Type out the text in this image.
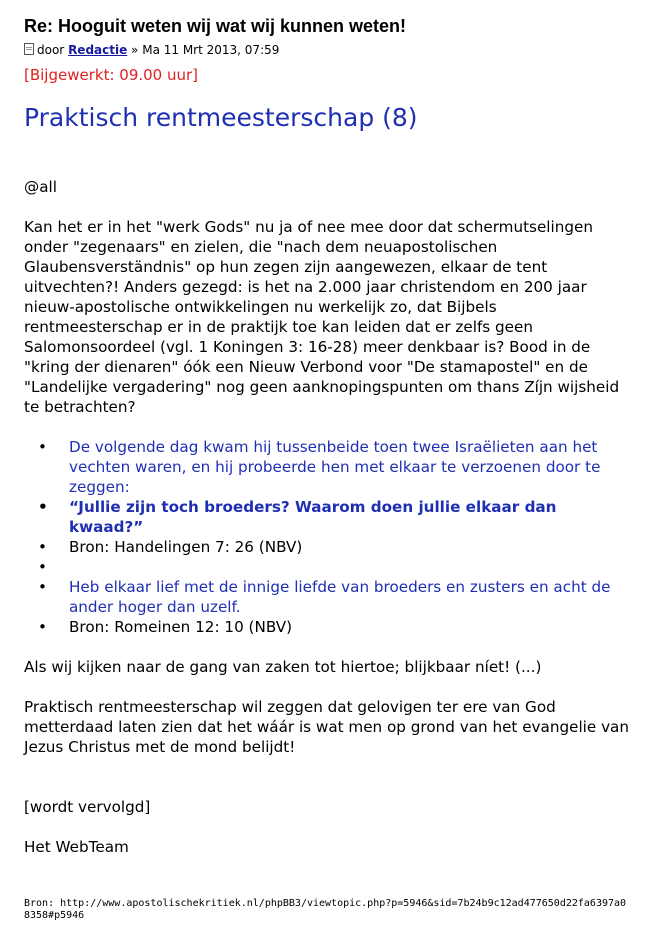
Re: Hooguit weten wij wat wij kunnen weten!
door Redactie » Ma 11 Mrt 2013, 07:59
[Bijgewerkt: 09.00 uur]
Praktisch rentmeesterschap (8)

@all

Kan het er in het "werk Gods" nu ja of nee mee door dat schermutselingen onder "zegenaars" en zielen, die "nach dem neuapostolischen Glaubensverständnis" op hun zegen zijn aangewezen, elkaar de tent uitvechten?! Anders gezegd: is het na 2.000 jaar christendom en 200 jaar nieuw-apostolische ontwikkelingen nu werkelijk zo, dat Bijbels rentmeesterschap er in de praktijk toe kan leiden dat er zelfs geen Salomonsoordeel (vgl. 1 Koningen 3: 16-28) meer denkbaar is? Bood in de "kring der dienaren" óók een Nieuw Verbond voor "De stamapostel" en de "Landelijke vergadering" nog geen aanknopingspunten om thans Zíjn wijsheid te betrachten?

• De volgende dag kwam hij tussenbeide toen twee Israëlieten aan het vechten waren, en hij probeerde hen met elkaar te verzoenen door te zeggen:
• “Jullie zijn toch broeders? Waarom doen jullie elkaar dan kwaad?”
• Bron: Handelingen 7: 26 (NBV)
•
• Heb elkaar lief met de innige liefde van broeders en zusters en acht de ander hoger dan uzelf.
• Bron: Romeinen 12: 10 (NBV)

Als wij kijken naar de gang van zaken tot hiertoe; blijkbaar níet! (...)

Praktisch rentmeesterschap wil zeggen dat gelovigen ter ere van God metterdaad laten zien dat het wáár is wat men op grond van het evangelie van Jezus Christus met de mond belijdt!

[wordt vervolgd]

Het WebTeam

Bron: http://www.apostolischekritiek.nl/phpBB3/viewtopic.php?p=5946&sid=7b24b9c12ad477650d22fa6397a08358#p5946
